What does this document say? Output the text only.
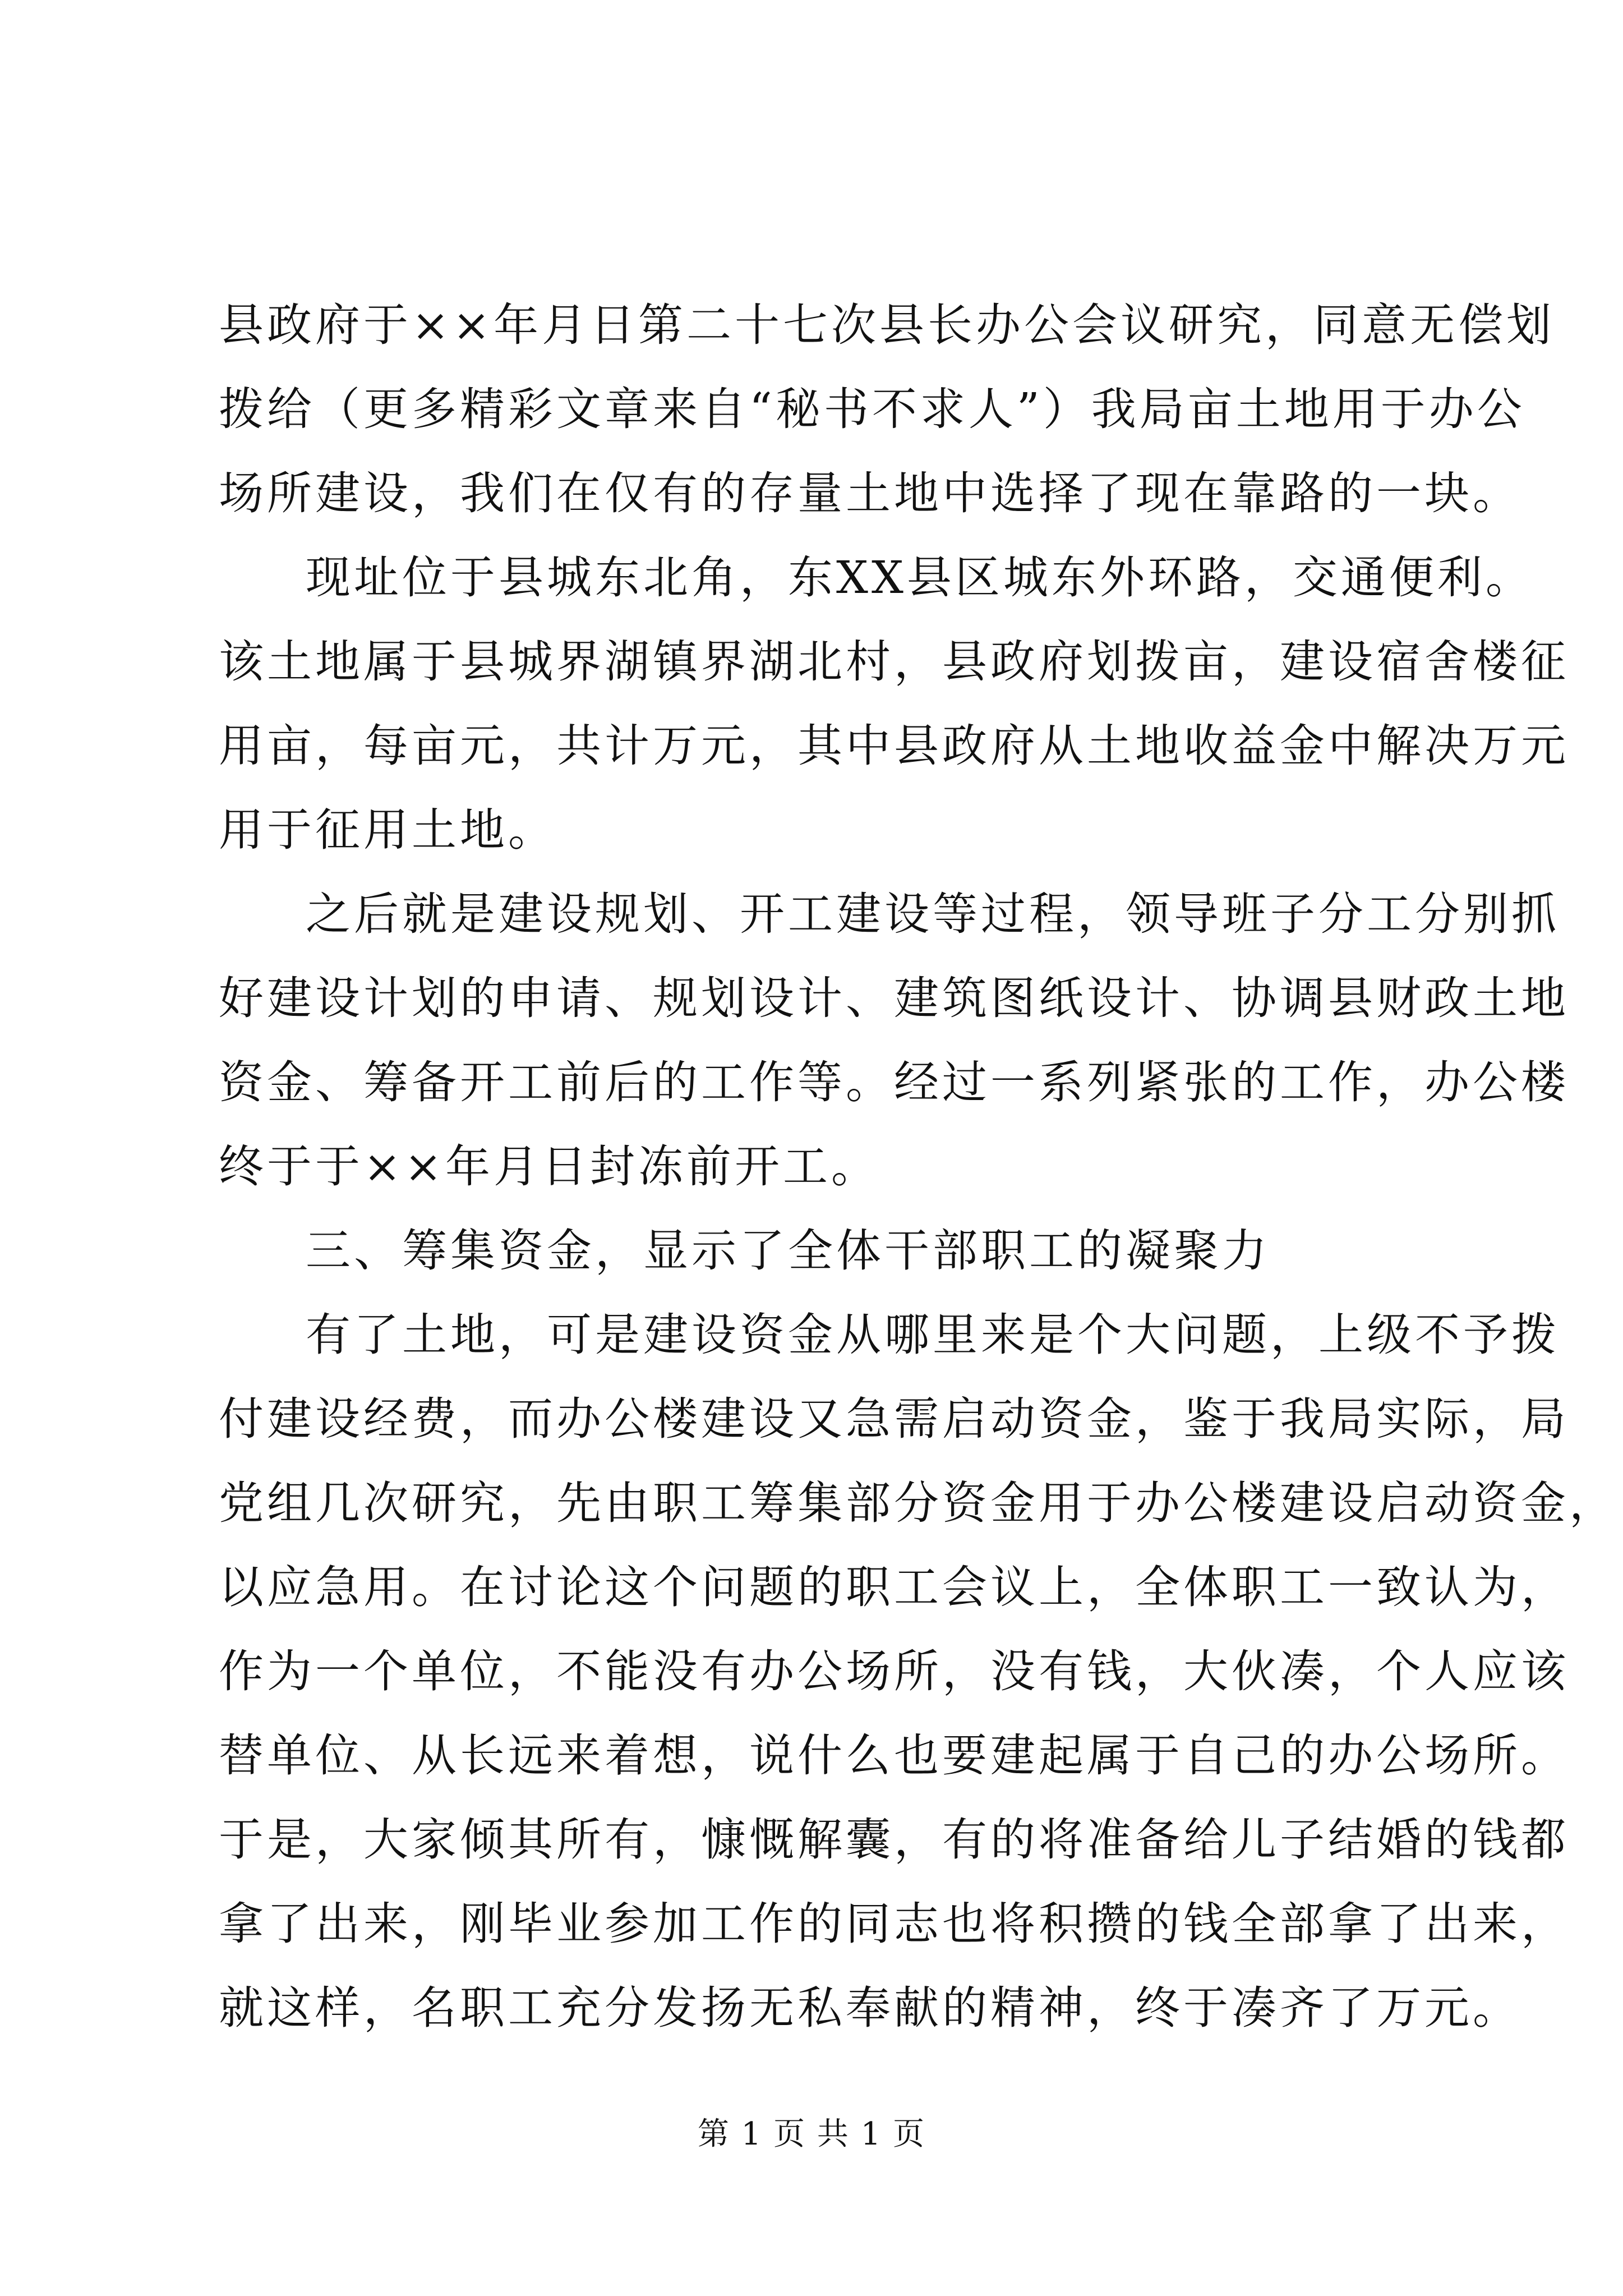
县政府于××年月日第二十七次县长办公会议研究，同意无偿划
拨给（更多精彩文章来自“秘书不求人”）我局亩土地用于办公
场所建设，我们在仅有的存量土地中选择了现在靠路的一块。
现址位于县城东北角，东XX县区城东外环路，交通便利。
该土地属于县城界湖镇界湖北村，县政府划拨亩，建设宿舍楼征
用亩，每亩元，共计万元，其中县政府从土地收益金中解决万元
用于征用土地。
之后就是建设规划、开工建设等过程，领导班子分工分别抓
好建设计划的申请、规划设计、建筑图纸设计、协调县财政土地
资金、筹备开工前后的工作等。经过一系列紧张的工作，办公楼
终于于××年月日封冻前开工。
三、筹集资金，显示了全体干部职工的凝聚力
有了土地，可是建设资金从哪里来是个大问题，上级不予拨
付建设经费，而办公楼建设又急需启动资金，鉴于我局实际，局
党组几次研究，先由职工筹集部分资金用于办公楼建设启动资金，
以应急用。在讨论这个问题的职工会议上，全体职工一致认为，
作为一个单位，不能没有办公场所，没有钱，大伙凑，个人应该
替单位、从长远来着想，说什么也要建起属于自己的办公场所。
于是，大家倾其所有，慷慨解囊，有的将准备给儿子结婚的钱都
拿了出来，刚毕业参加工作的同志也将积攒的钱全部拿了出来，
就这样，名职工充分发扬无私奉献的精神，终于凑齐了万元。
第 1 页 共 1 页
